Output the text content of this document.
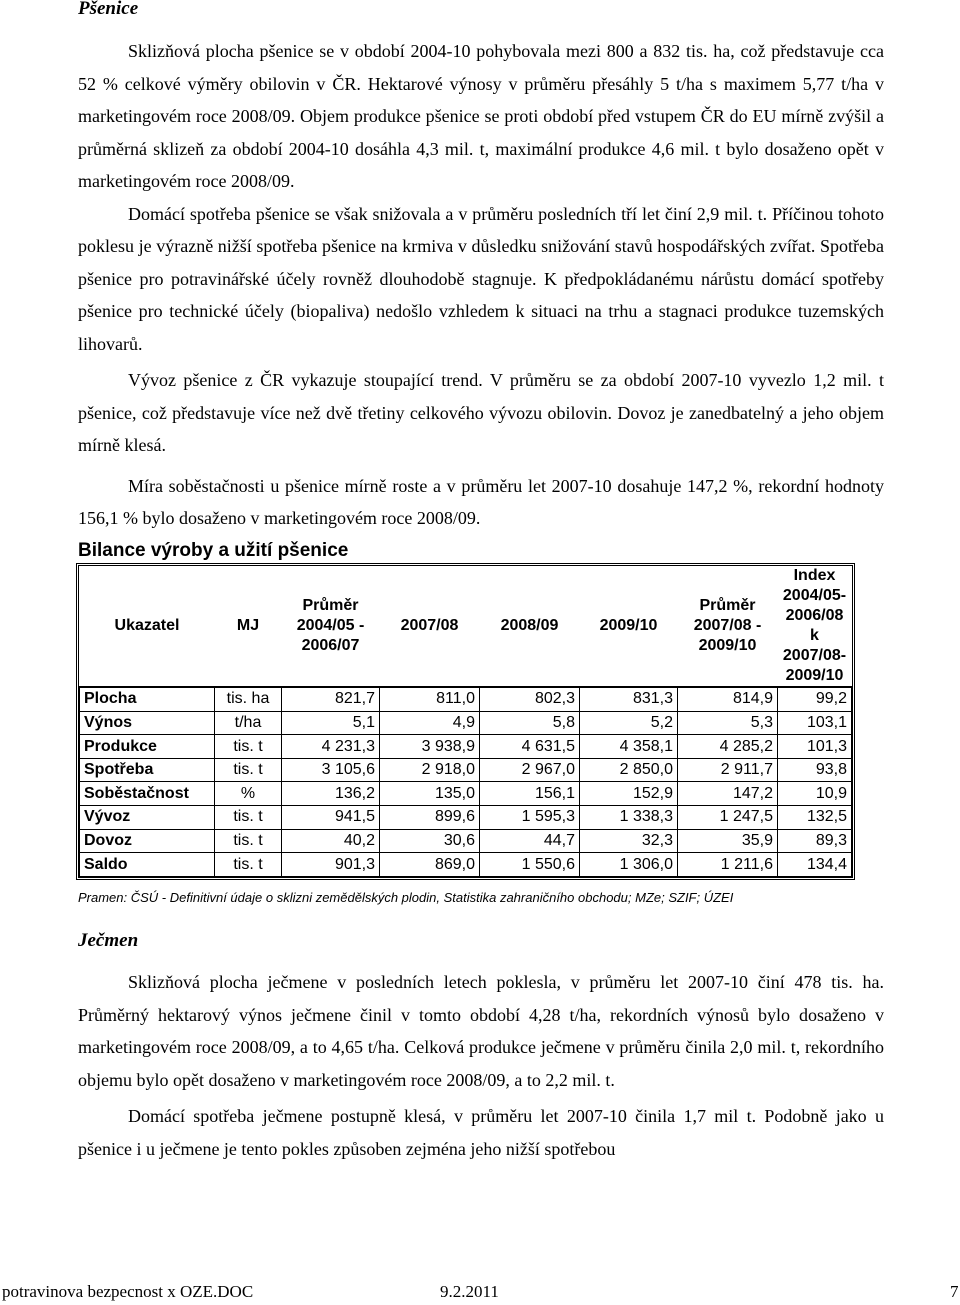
Pšenice

Sklizňová plocha pšenice se v období 2004-10 pohybovala mezi 800 a 832 tis. ha, což představuje cca 52 % celkové výměry obilovin v ČR. Hektarové výnosy v průměru přesáhly 5 t/ha s maximem 5,77 t/ha v marketingovém roce 2008/09. Objem produkce pšenice se proti období před vstupem ČR do EU mírně zvýšil a průměrná sklizeň za období 2004-10 dosáhla 4,3 mil. t, maximální produkce 4,6 mil. t bylo dosaženo opět v marketingovém roce 2008/09.

Domácí spotřeba pšenice se však snižovala a v průměru posledních tří let činí 2,9 mil. t. Příčinou tohoto poklesu je výrazně nižší spotřeba pšenice na krmiva v důsledku snižování stavů hospodářských zvířat. Spotřeba pšenice pro potravinářské účely rovněž dlouhodobě stagnuje. K předpokládanému nárůstu domácí spotřeby pšenice pro technické účely (biopaliva) nedošlo vzhledem k situaci na trhu a stagnaci produkce tuzemských lihovarů.

Vývoz pšenice z ČR vykazuje stoupající trend. V průměru se za období 2007-10 vyvezlo 1,2 mil. t pšenice, což představuje více než dvě třetiny celkového vývozu obilovin. Dovoz je zanedbatelný a jeho objem mírně klesá.

Míra soběstačnosti u pšenice mírně roste a v průměru let 2007-10 dosahuje 147,2 %, rekordní hodnoty 156,1 % bylo dosaženo v marketingovém roce 2008/09.

Bilance výroby a užití pšenice
Ukazatel	MJ	Průměr 2004/05 - 2006/07	2007/08	2008/09	2009/10	Průměr 2007/08 - 2009/10	Index 2004/05-2006/08 k 2007/08-2009/10
Plocha	tis. ha	821,7	811,0	802,3	831,3	814,9	99,2
Výnos	t/ha	5,1	4,9	5,8	5,2	5,3	103,1
Produkce	tis. t	4 231,3	3 938,9	4 631,5	4 358,1	4 285,2	101,3
Spotřeba	tis. t	3 105,6	2 918,0	2 967,0	2 850,0	2 911,7	93,8
Soběstačnost	%	136,2	135,0	156,1	152,9	147,2	10,9
Vývoz	tis. t	941,5	899,6	1 595,3	1 338,3	1 247,5	132,5
Dovoz	tis. t	40,2	30,6	44,7	32,3	35,9	89,3
Saldo	tis. t	901,3	869,0	1 550,6	1 306,0	1 211,6	134,4
Pramen: ČSÚ - Definitivní údaje o sklizni zemědělských plodin, Statistika zahraničního obchodu; MZe; SZIF; ÚZEI
Ječmen

Sklizňová plocha ječmene v posledních letech poklesla, v průměru let 2007-10 činí 478 tis. ha. Průměrný hektarový výnos ječmene činil v tomto období 4,28 t/ha, rekordních výnosů bylo dosaženo v marketingovém roce 2008/09, a to 4,65 t/ha. Celková produkce ječmene v průměru činila 2,0 mil. t, rekordního objemu bylo opět dosaženo v marketingovém roce 2008/09, a to 2,2 mil. t.

Domácí spotřeba ječmene postupně klesá, v průměru let 2007-10 činila 1,7 mil t. Podobně jako u pšenice i u ječmene je tento pokles způsoben zejména jeho nižší spotřebou

potravinova bezpecnost x OZE.DOC	9.2.2011	7
